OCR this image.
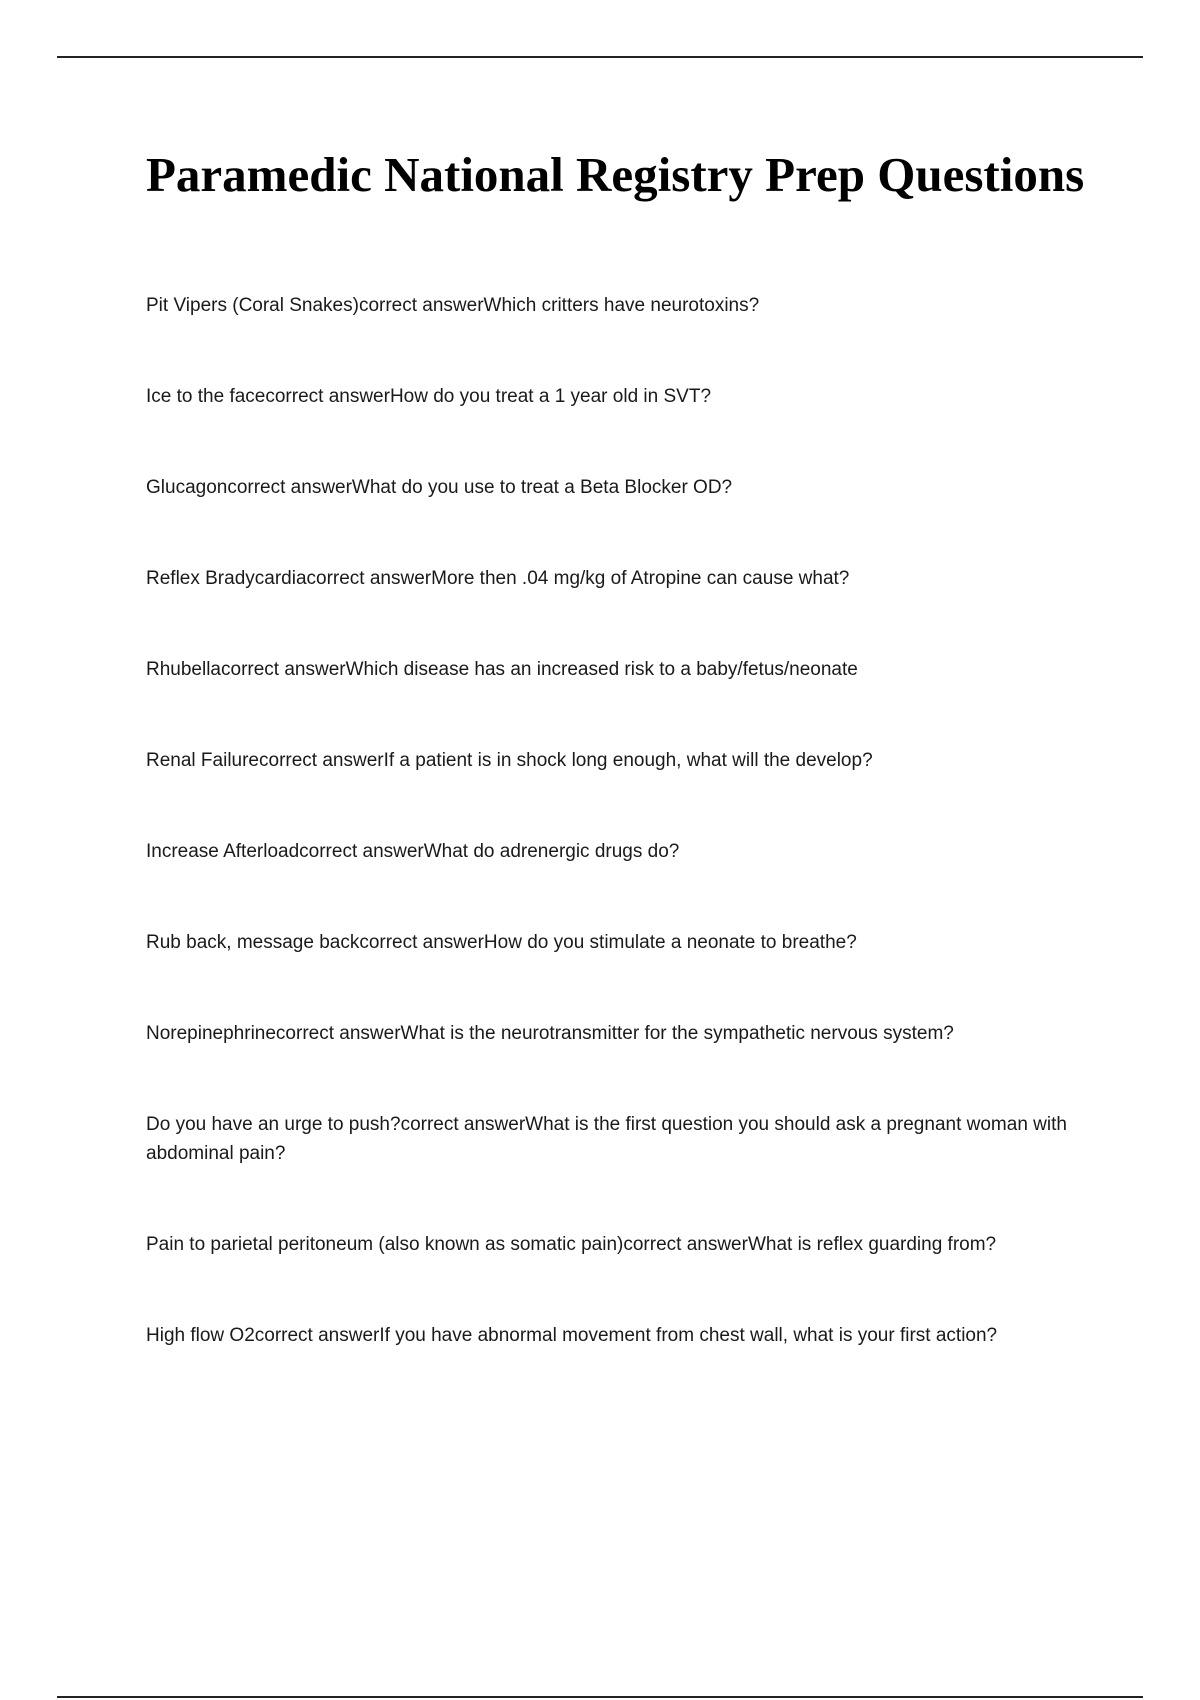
Paramedic National Registry Prep Questions
Pit Vipers (Coral Snakes)correct answerWhich critters have neurotoxins?
Ice to the facecorrect answerHow do you treat a 1 year old in SVT?
Glucagoncorrect answerWhat do you use to treat a Beta Blocker OD?
Reflex Bradycardiacorrect answerMore then .04 mg/kg of Atropine can cause what?
Rhubellacorrect answerWhich disease has an increased risk to a baby/fetus/neonate
Renal Failurecorrect answerIf a patient is in shock long enough, what will the develop?
Increase Afterloadcorrect answerWhat do adrenergic drugs do?
Rub back, message backcorrect answerHow do you stimulate a neonate to breathe?
Norepinephrinecorrect answerWhat is the neurotransmitter for the sympathetic nervous system?
Do you have an urge to push?correct answerWhat is the first question you should ask a pregnant woman with abdominal pain?
Pain to parietal peritoneum (also known as somatic pain)correct answerWhat is reflex guarding from?
High flow O2correct answerIf you have abnormal movement from chest wall, what is your first action?
